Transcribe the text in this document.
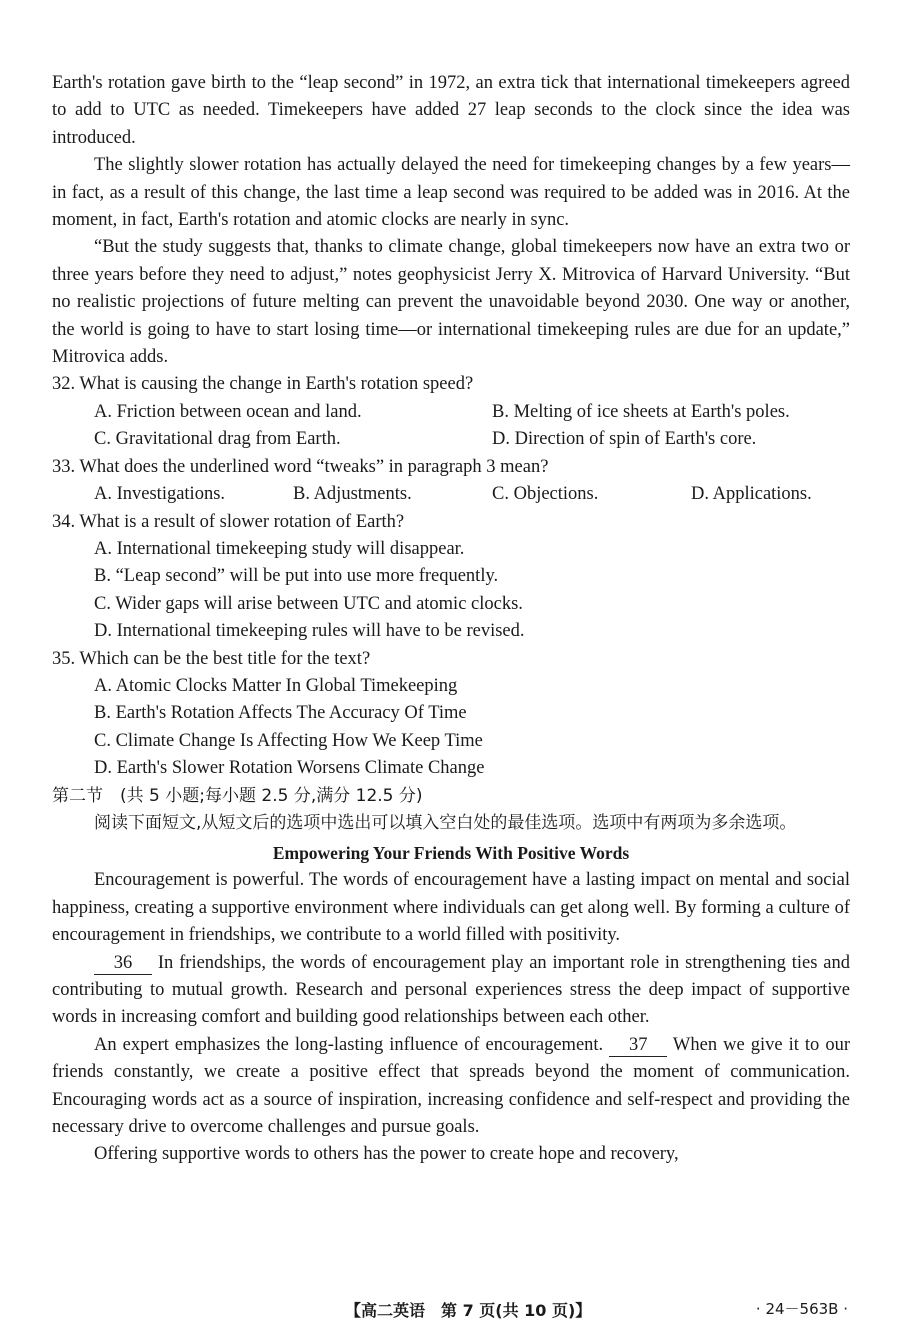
Earth's rotation gave birth to the “leap second” in 1972, an extra tick that international timekeepers agreed to add to UTC as needed. Timekeepers have added 27 leap seconds to the clock since the idea was introduced.

The slightly slower rotation has actually delayed the need for timekeeping changes by a few years—in fact, as a result of this change, the last time a leap second was required to be added was in 2016. At the moment, in fact, Earth's rotation and atomic clocks are nearly in sync.

“But the study suggests that, thanks to climate change, global timekeepers now have an extra two or three years before they need to adjust,” notes geophysicist Jerry X. Mitrovica of Harvard University. “But no realistic projections of future melting can prevent the unavoidable beyond 2030. One way or another, the world is going to have to start losing time—or international timekeeping rules are due for an update,” Mitrovica adds.

32. What is causing the change in Earth's rotation speed?

A. Friction between ocean and land.	B. Melting of ice sheets at Earth's poles.
C. Gravitational drag from Earth.	D. Direction of spin of Earth's core.

33. What does the underlined word “tweaks” in paragraph 3 mean?

A. Investigations.	B. Adjustments.	C. Objections.	D. Applications.

34. What is a result of slower rotation of Earth?

A. International timekeeping study will disappear.

B. “Leap second” will be put into use more frequently.

C. Wider gaps will arise between UTC and atomic clocks.

D. International timekeeping rules will have to be revised.

35. Which can be the best title for the text?

A. Atomic Clocks Matter In Global Timekeeping

B. Earth's Rotation Affects The Accuracy Of Time

C. Climate Change Is Affecting How We Keep Time

D. Earth's Slower Rotation Worsens Climate Change

第二节　(共 5 小题;每小题 2.5 分,满分 12.5 分)

阅读下面短文,从短文后的选项中选出可以填入空白处的最佳选项。选项中有两项为多余选项。

Empowering Your Friends With Positive Words

Encouragement is powerful. The words of encouragement have a lasting impact on mental and social happiness, creating a supportive environment where individuals can get along well. By forming a culture of encouragement in friendships, we contribute to a world filled with positivity.

36 In friendships, the words of encouragement play an important role in strengthening ties and contributing to mutual growth. Research and personal experiences stress the deep impact of supportive words in increasing comfort and building good relationships between each other.

An expert emphasizes the long-lasting influence of encouragement. 37 When we give it to our friends constantly, we create a positive effect that spreads beyond the moment of communication. Encouraging words act as a source of inspiration, increasing confidence and self-respect and providing the necessary drive to overcome challenges and pursue goals.

Offering supportive words to others has the power to create hope and recovery,

【高二英语　第 7 页(共 10 页)】	· 24－563B ·
